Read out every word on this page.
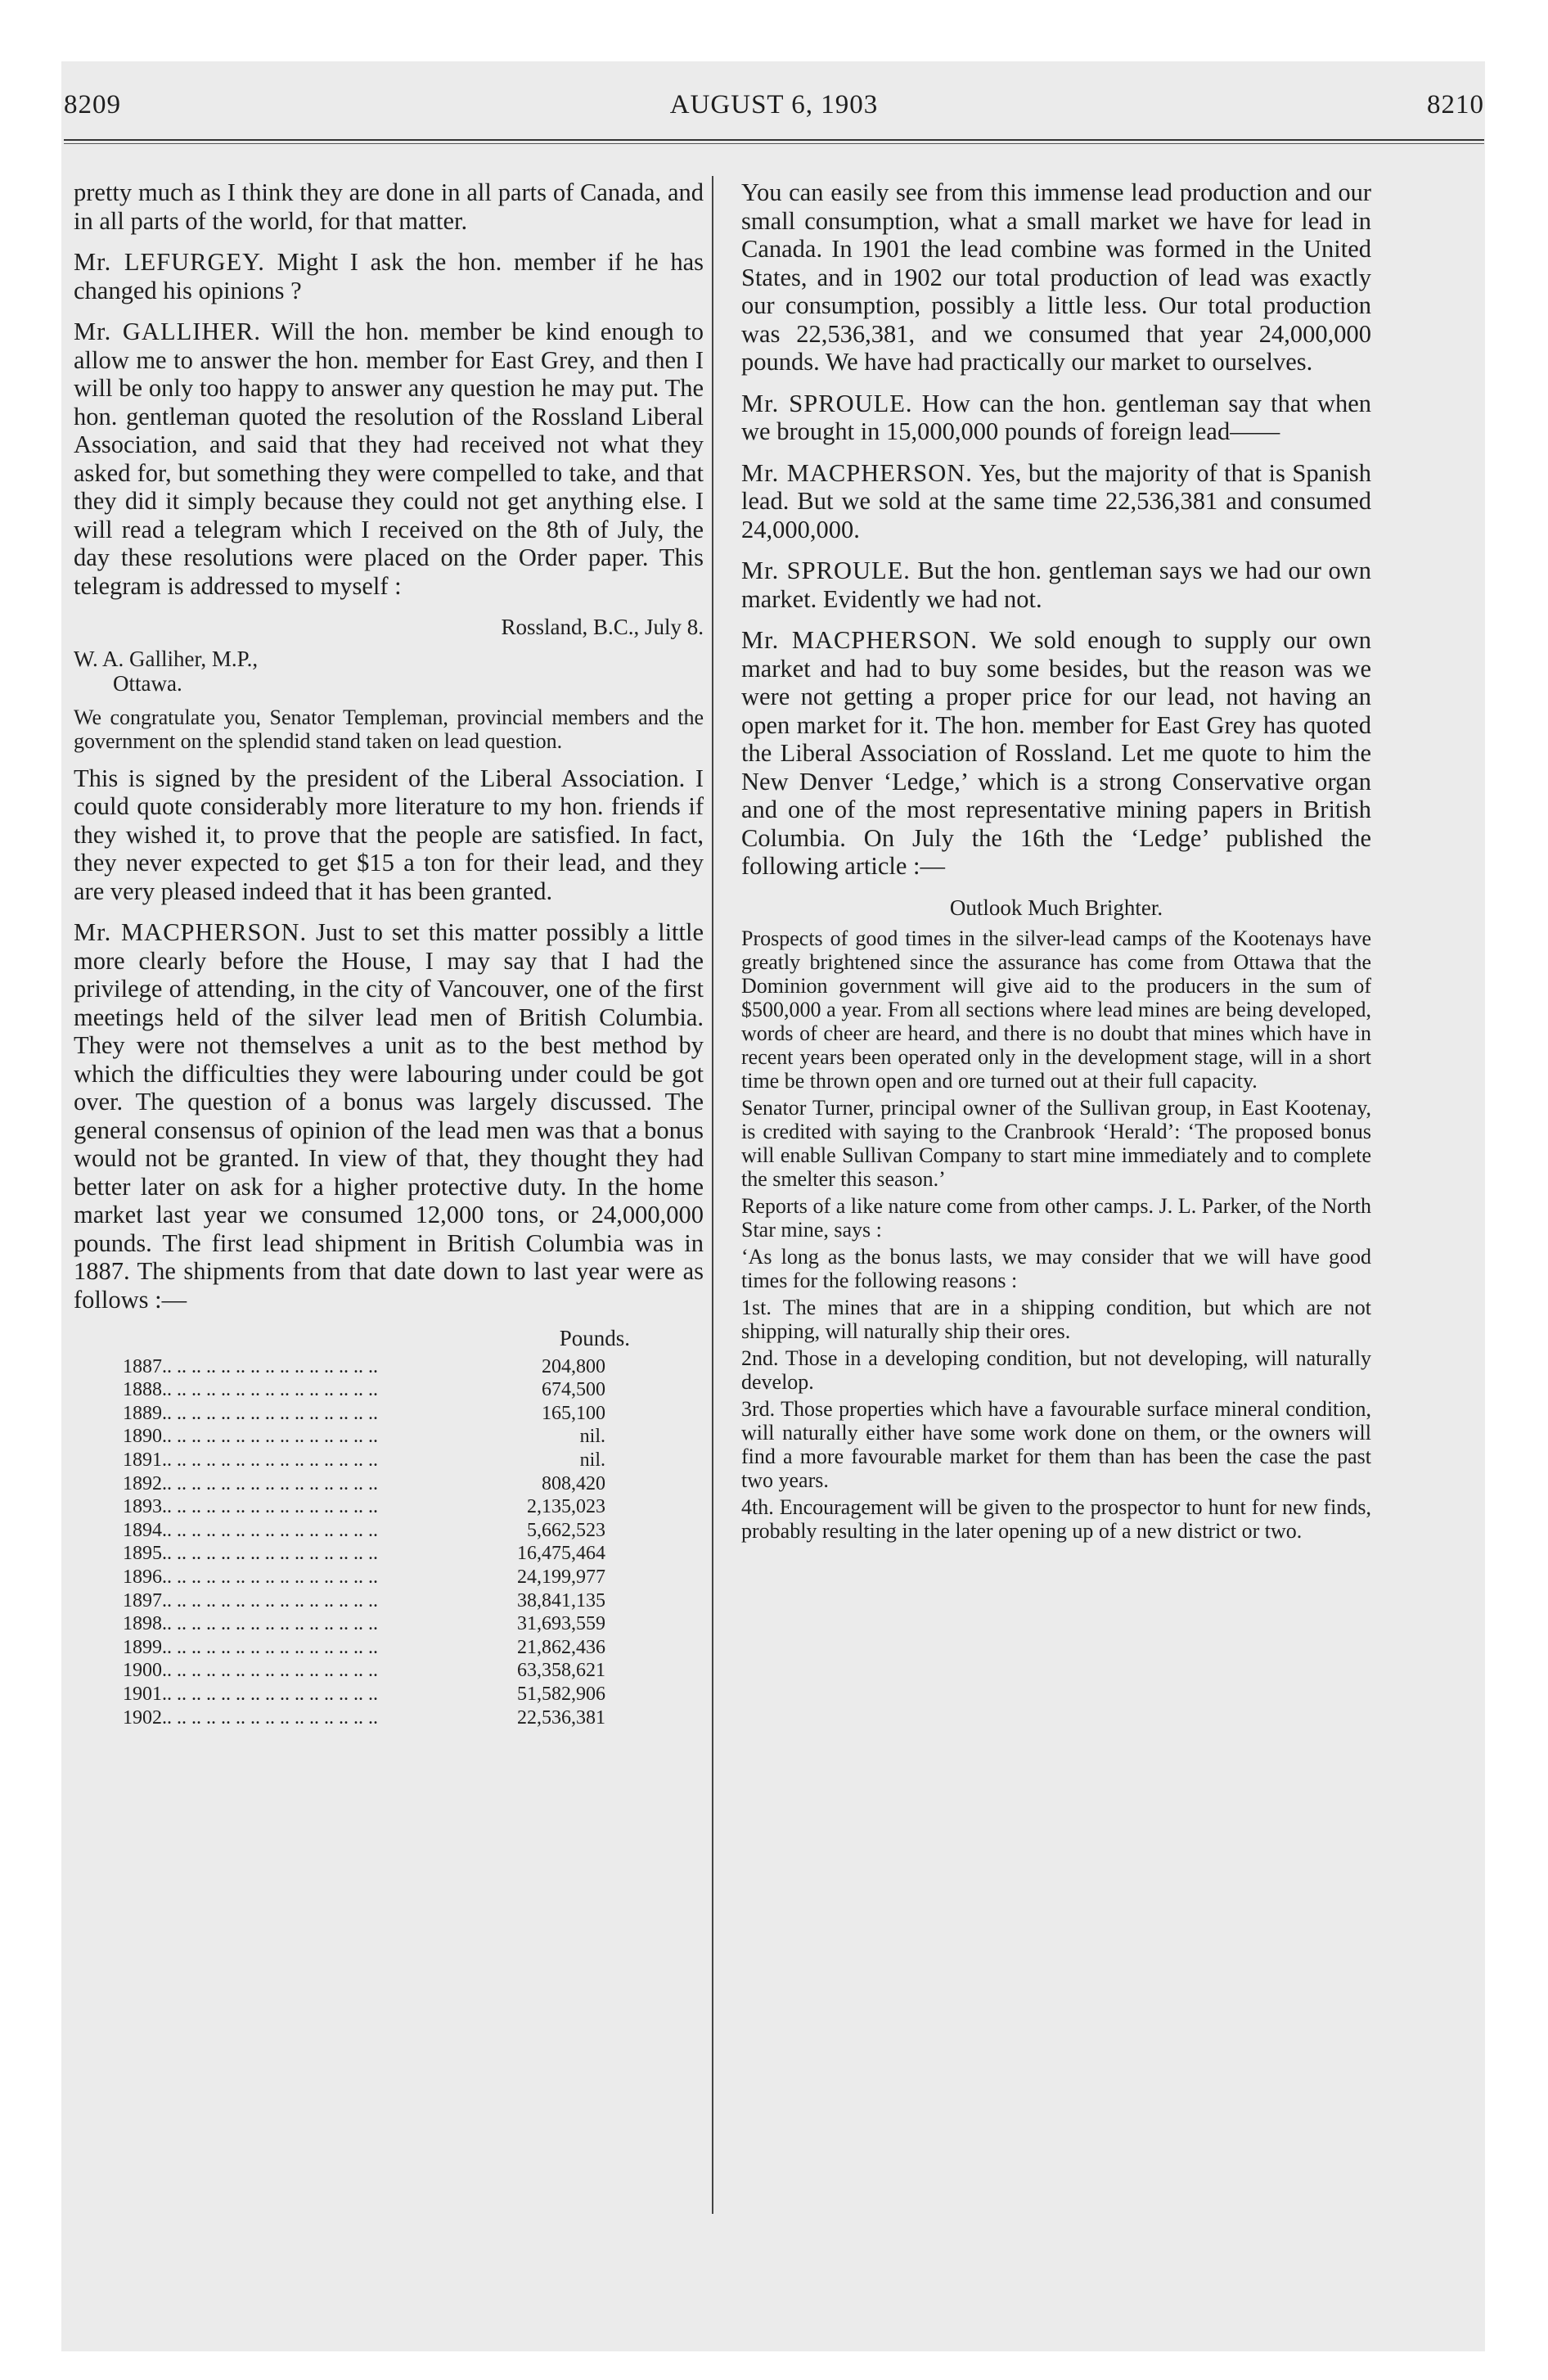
8209	AUGUST 6, 1903	8210

pretty much as I think they are done in all parts of Canada, and in all parts of the world, for that matter.

Mr. LEFURGEY. Might I ask the hon. member if he has changed his opinions ?

Mr. GALLIHER. Will the hon. member be kind enough to allow me to answer the hon. member for East Grey, and then I will be only too happy to answer any question he may put. The hon. gentleman quoted the resolution of the Rossland Liberal Association, and said that they had received not what they asked for, but something they were compelled to take, and that they did it simply because they could not get anything else. I will read a telegram which I received on the 8th of July, the day these resolutions were placed on the Order paper. This telegram is addressed to myself :

Rossland, B.C., July 8.
W. A. Galliher, M.P.,
Ottawa.

We congratulate you, Senator Templeman, provincial members and the government on the splendid stand taken on lead question.

This is signed by the president of the Liberal Association. I could quote considerably more literature to my hon. friends if they wished it, to prove that the people are satisfied. In fact, they never expected to get $15 a ton for their lead, and they are very pleased indeed that it has been granted.

Mr. MACPHERSON. Just to set this matter possibly a little more clearly before the House, I may say that I had the privilege of attending, in the city of Vancouver, one of the first meetings held of the silver lead men of British Columbia. They were not themselves a unit as to the best method by which the difficulties they were labouring under could be got over. The question of a bonus was largely discussed. The general consensus of opinion of the lead men was that a bonus would not be granted. In view of that, they thought they had better later on ask for a higher protective duty. In the home market last year we consumed 12,000 tons, or 24,000,000 pounds. The first lead shipment in British Columbia was in 1887. The shipments from that date down to last year were as follows :—

Pounds.
1887.. .. .. .. .. .. .. .. .. .. .. .. .. .. ..	204,800
1888.. .. .. .. .. .. .. .. .. .. .. .. .. .. ..	674,500
1889.. .. .. .. .. .. .. .. .. .. .. .. .. .. ..	165,100
1890.. .. .. .. .. .. .. .. .. .. .. .. .. .. ..	nil.
1891.. .. .. .. .. .. .. .. .. .. .. .. .. .. ..	nil.
1892.. .. .. .. .. .. .. .. .. .. .. .. .. .. ..	808,420
1893.. .. .. .. .. .. .. .. .. .. .. .. .. .. ..	2,135,023
1894.. .. .. .. .. .. .. .. .. .. .. .. .. .. ..	5,662,523
1895.. .. .. .. .. .. .. .. .. .. .. .. .. .. ..	16,475,464
1896.. .. .. .. .. .. .. .. .. .. .. .. .. .. ..	24,199,977
1897.. .. .. .. .. .. .. .. .. .. .. .. .. .. ..	38,841,135
1898.. .. .. .. .. .. .. .. .. .. .. .. .. .. ..	31,693,559
1899.. .. .. .. .. .. .. .. .. .. .. .. .. .. ..	21,862,436
1900.. .. .. .. .. .. .. .. .. .. .. .. .. .. ..	63,358,621
1901.. .. .. .. .. .. .. .. .. .. .. .. .. .. ..	51,582,906
1902.. .. .. .. .. .. .. .. .. .. .. .. .. .. ..	22,536,381

You can easily see from this immense lead production and our small consumption, what a small market we have for lead in Canada. In 1901 the lead combine was formed in the United States, and in 1902 our total production of lead was exactly our consumption, possibly a little less. Our total production was 22,536,381, and we consumed that year 24,000,000 pounds. We have had practically our market to ourselves.

Mr. SPROULE. How can the hon. gentleman say that when we brought in 15,000,000 pounds of foreign lead——

Mr. MACPHERSON. Yes, but the majority of that is Spanish lead. But we sold at the same time 22,536,381 and consumed 24,000,000.

Mr. SPROULE. But the hon. gentleman says we had our own market. Evidently we had not.

Mr. MACPHERSON. We sold enough to supply our own market and had to buy some besides, but the reason was we were not getting a proper price for our lead, not having an open market for it. The hon. member for East Grey has quoted the Liberal Association of Rossland. Let me quote to him the New Denver ‘Ledge,’ which is a strong Conservative organ and one of the most representative mining papers in British Columbia. On July the 16th the ‘Ledge’ published the following article :—

Outlook Much Brighter.

Prospects of good times in the silver-lead camps of the Kootenays have greatly brightened since the assurance has come from Ottawa that the Dominion government will give aid to the producers in the sum of $500,000 a year. From all sections where lead mines are being developed, words of cheer are heard, and there is no doubt that mines which have in recent years been operated only in the development stage, will in a short time be thrown open and ore turned out at their full capacity.

Senator Turner, principal owner of the Sullivan group, in East Kootenay, is credited with saying to the Cranbrook ‘Herald’: ‘The proposed bonus will enable Sullivan Company to start mine immediately and to complete the smelter this season.’

Reports of a like nature come from other camps. J. L. Parker, of the North Star mine, says :

‘As long as the bonus lasts, we may consider that we will have good times for the following reasons :

1st. The mines that are in a shipping condition, but which are not shipping, will naturally ship their ores.

2nd. Those in a developing condition, but not developing, will naturally develop.

3rd. Those properties which have a favourable surface mineral condition, will naturally either have some work done on them, or the owners will find a more favourable market for them than has been the case the past two years.

4th. Encouragement will be given to the prospector to hunt for new finds, probably resulting in the later opening up of a new district or two.
